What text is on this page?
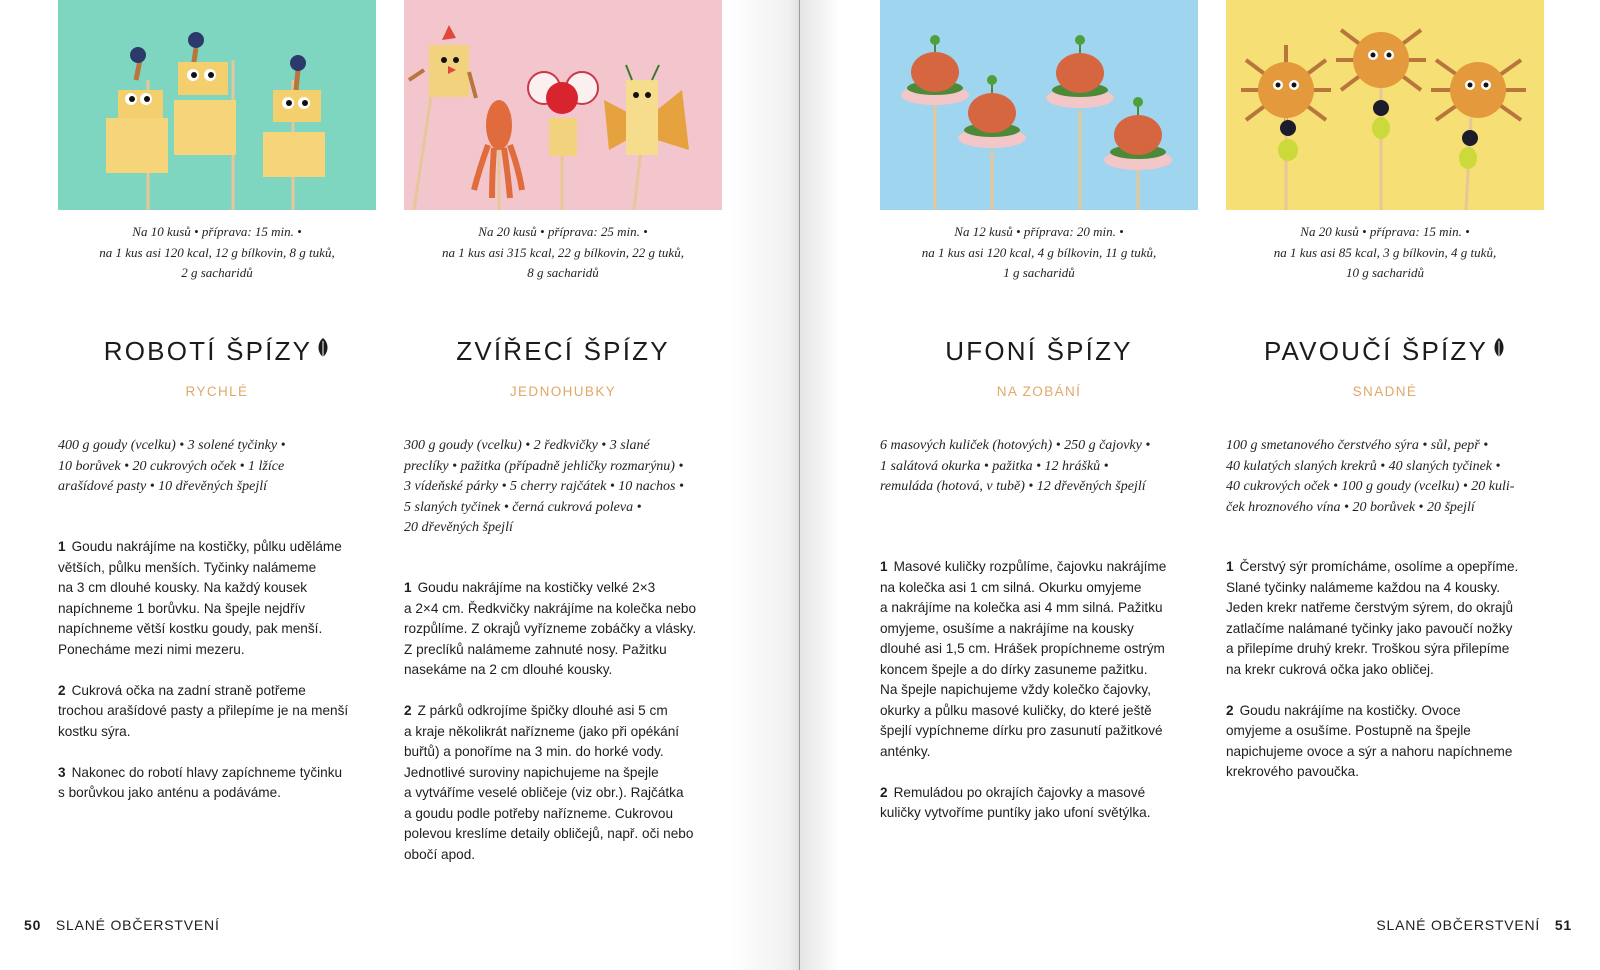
Na 10 kusů • příprava: 15 min. •
na 1 kus asi 120 kcal, 12 g bílkovin, 8 g tuků,
2 g sacharidů
ROBOTÍ ŠPÍZY
RYCHLÉ
400 g goudy (vcelku) • 3 solené tyčinky •
10 borůvek • 20 cukrových oček • 1 lžíce
arašídové pasty • 10 dřevěných špejlí
1 Goudu nakrájíme na kostičky, půlku uděláme
větších, půlku menších. Tyčinky nalámeme
na 3 cm dlouhé kousky. Na každý kousek
napíchneme 1 borůvku. Na špejle nejdřív
napíchneme větší kostku goudy, pak menší.
Ponecháme mezi nimi mezeru.
2 Cukrová očka na zadní straně potřeme
trochou arašídové pasty a přilepíme je na menší
kostku sýra.
3 Nakonec do robotí hlavy zapíchneme tyčinku
s borůvkou jako anténu a podáváme.
Na 20 kusů • příprava: 25 min. •
na 1 kus asi 315 kcal, 22 g bílkovin, 22 g tuků,
8 g sacharidů
ZVÍŘECÍ ŠPÍZY
JEDNOHUBKY
300 g goudy (vcelku) • 2 ředkvičky • 3 slané
preclíky • pažitka (případně jehličky rozmarýnu) •
3 vídeňské párky • 5 cherry rajčátek • 10 nachos •
5 slaných tyčinek • černá cukrová poleva •
20 dřevěných špejlí
1 Goudu nakrájíme na kostičky velké 2×3
a 2×4 cm. Ředkvičky nakrájíme na kolečka nebo
rozpůlíme. Z okrajů vyřízneme zobáčky a vlásky.
Z preclíků nalámeme zahnuté nosy. Pažitku
nasekáme na 2 cm dlouhé kousky.
2 Z párků odkrojíme špičky dlouhé asi 5 cm
a kraje několikrát nařízneme (jako při opékání
buřtů) a ponoříme na 3 min. do horké vody.
Jednotlivé suroviny napichujeme na špejle
a vytváříme veselé obličeje (viz obr.). Rajčátka
a goudu podle potřeby nařízneme. Cukrovou
polevou kreslíme detaily obličejů, např. oči nebo
obočí apod.
Na 12 kusů • příprava: 20 min. •
na 1 kus asi 120 kcal, 4 g bílkovin, 11 g tuků,
1 g sacharidů
UFONÍ ŠPÍZY
NA ZOBÁNÍ
6 masových kuliček (hotových) • 250 g čajovky •
1 salátová okurka • pažitka • 12 hrášků •
remuláda (hotová, v tubě) • 12 dřevěných špejlí
1 Masové kuličky rozpůlíme, čajovku nakrájíme
na kolečka asi 1 cm silná. Okurku omyjeme
a nakrájíme na kolečka asi 4 mm silná. Pažitku
omyjeme, osušíme a nakrájíme na kousky
dlouhé asi 1,5 cm. Hrášek propíchneme ostrým
koncem špejle a do dírky zasuneme pažitku.
Na špejle napichujeme vždy kolečko čajovky,
okurky a půlku masové kuličky, do které ještě
špejlí vypíchneme dírku pro zasunutí pažitkové
anténky.
2 Remuládou po okrajích čajovky a masové
kuličky vytvoříme puntíky jako ufoní světýlka.
Na 20 kusů • příprava: 15 min. •
na 1 kus asi 85 kcal, 3 g bílkovin, 4 g tuků,
10 g sacharidů
PAVOUČÍ ŠPÍZY
SNADNÉ
100 g smetanového čerstvého sýra • sůl, pepř •
40 kulatých slaných krekrů • 40 slaných tyčinek •
40 cukrových oček • 100 g goudy (vcelku) • 20 kuli-
ček hroznového vína • 20 borůvek • 20 špejlí
1 Čerstvý sýr promícháme, osolíme a opepříme.
Slané tyčinky nalámeme každou na 4 kousky.
Jeden krekr natřeme čerstvým sýrem, do okrajů
zatlačíme nalámané tyčinky jako pavoučí nožky
a přilepíme druhý krekr. Troškou sýra přilepíme
na krekr cukrová očka jako obličej.
2 Goudu nakrájíme na kostičky. Ovoce
omyjeme a osušíme. Postupně na špejle
napichujeme ovoce a sýr a nahoru napíchneme
krekrového pavoučka.
50 SLANÉ OBČERSTVENÍ	SLANÉ OBČERSTVENÍ 51
